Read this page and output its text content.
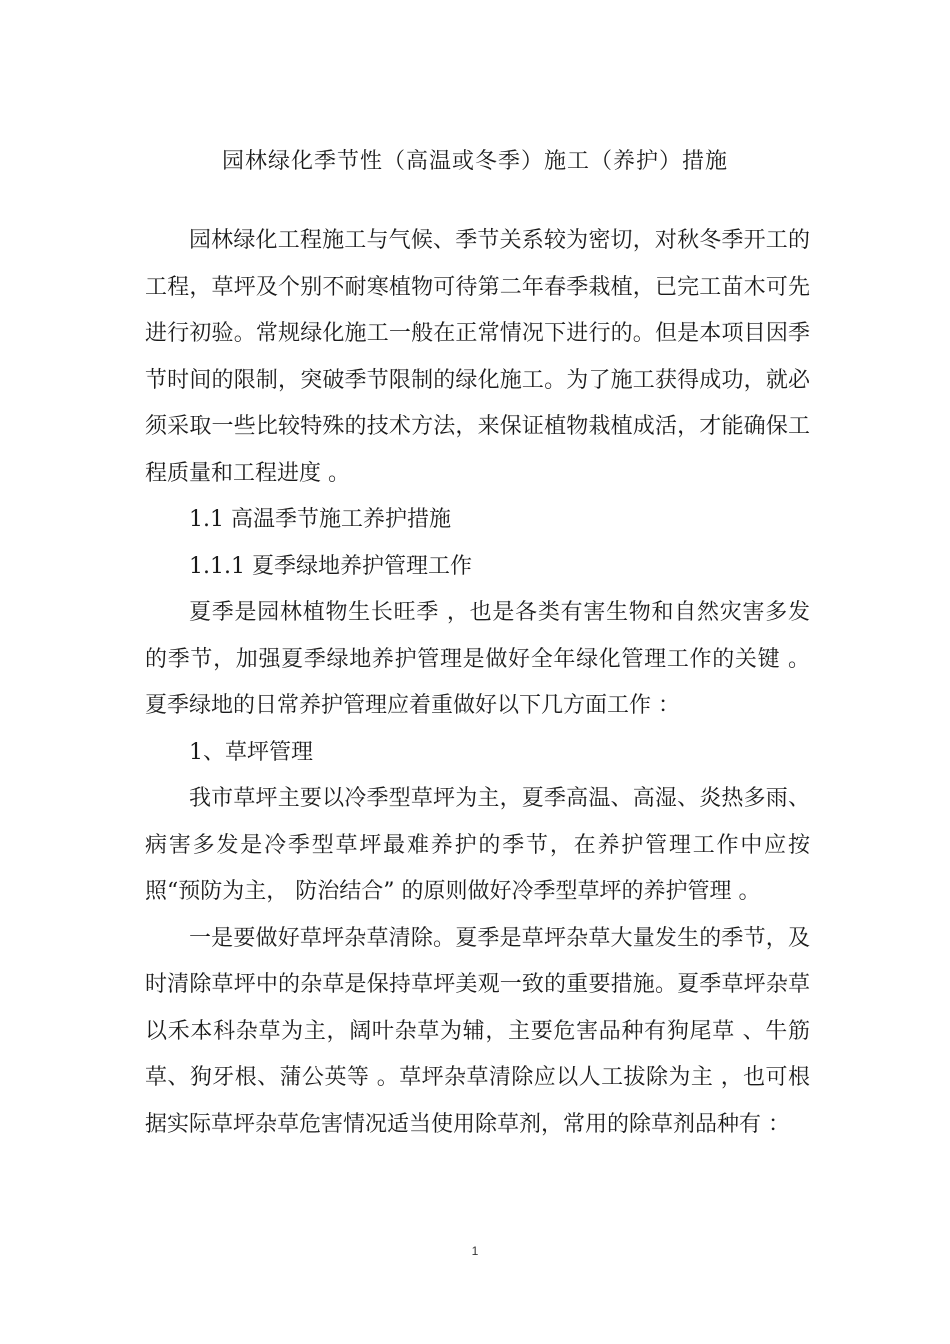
园林绿化季节性（高温或冬季）施工（养护）措施

园林绿化工程施工与气候、季节关系较为密切，对秋冬季开工的工程，草坪及个别不耐寒植物可待第二年春季栽植，已完工苗木可先进行初验。常规绿化施工一般在正常情况下进行的。但是本项目因季节时间的限制，突破季节限制的绿化施工。为了施工获得成功，就必须采取一些比较特殊的技术方法，来保证植物栽植成活，才能确保工程质量和工程进度 。

1.1 高温季节施工养护措施

1.1.1 夏季绿地养护管理工作

夏季是园林植物生长旺季 ，也是各类有害生物和自然灾害多发的季节，加强夏季绿地养护管理是做好全年绿化管理工作的关键 。夏季绿地的日常养护管理应着重做好以下几方面工作 ：

1、草坪管理

我市草坪主要以冷季型草坪为主，夏季高温、高湿、炎热多雨、病害多发是冷季型草坪最难养护的季节，在养护管理工作中应按照“预防为主， 防治结合” 的原则做好冷季型草坪的养护管理 。

一是要做好草坪杂草清除。夏季是草坪杂草大量发生的季节，及时清除草坪中的杂草是保持草坪美观一致的重要措施。夏季草坪杂草以禾本科杂草为主，阔叶杂草为辅，主要危害品种有狗尾草 、牛筋草、狗牙根、蒲公英等 。草坪杂草清除应以人工拔除为主 ，也可根据实际草坪杂草危害情况适当使用除草剂，常用的除草剂品种有 ：

1
